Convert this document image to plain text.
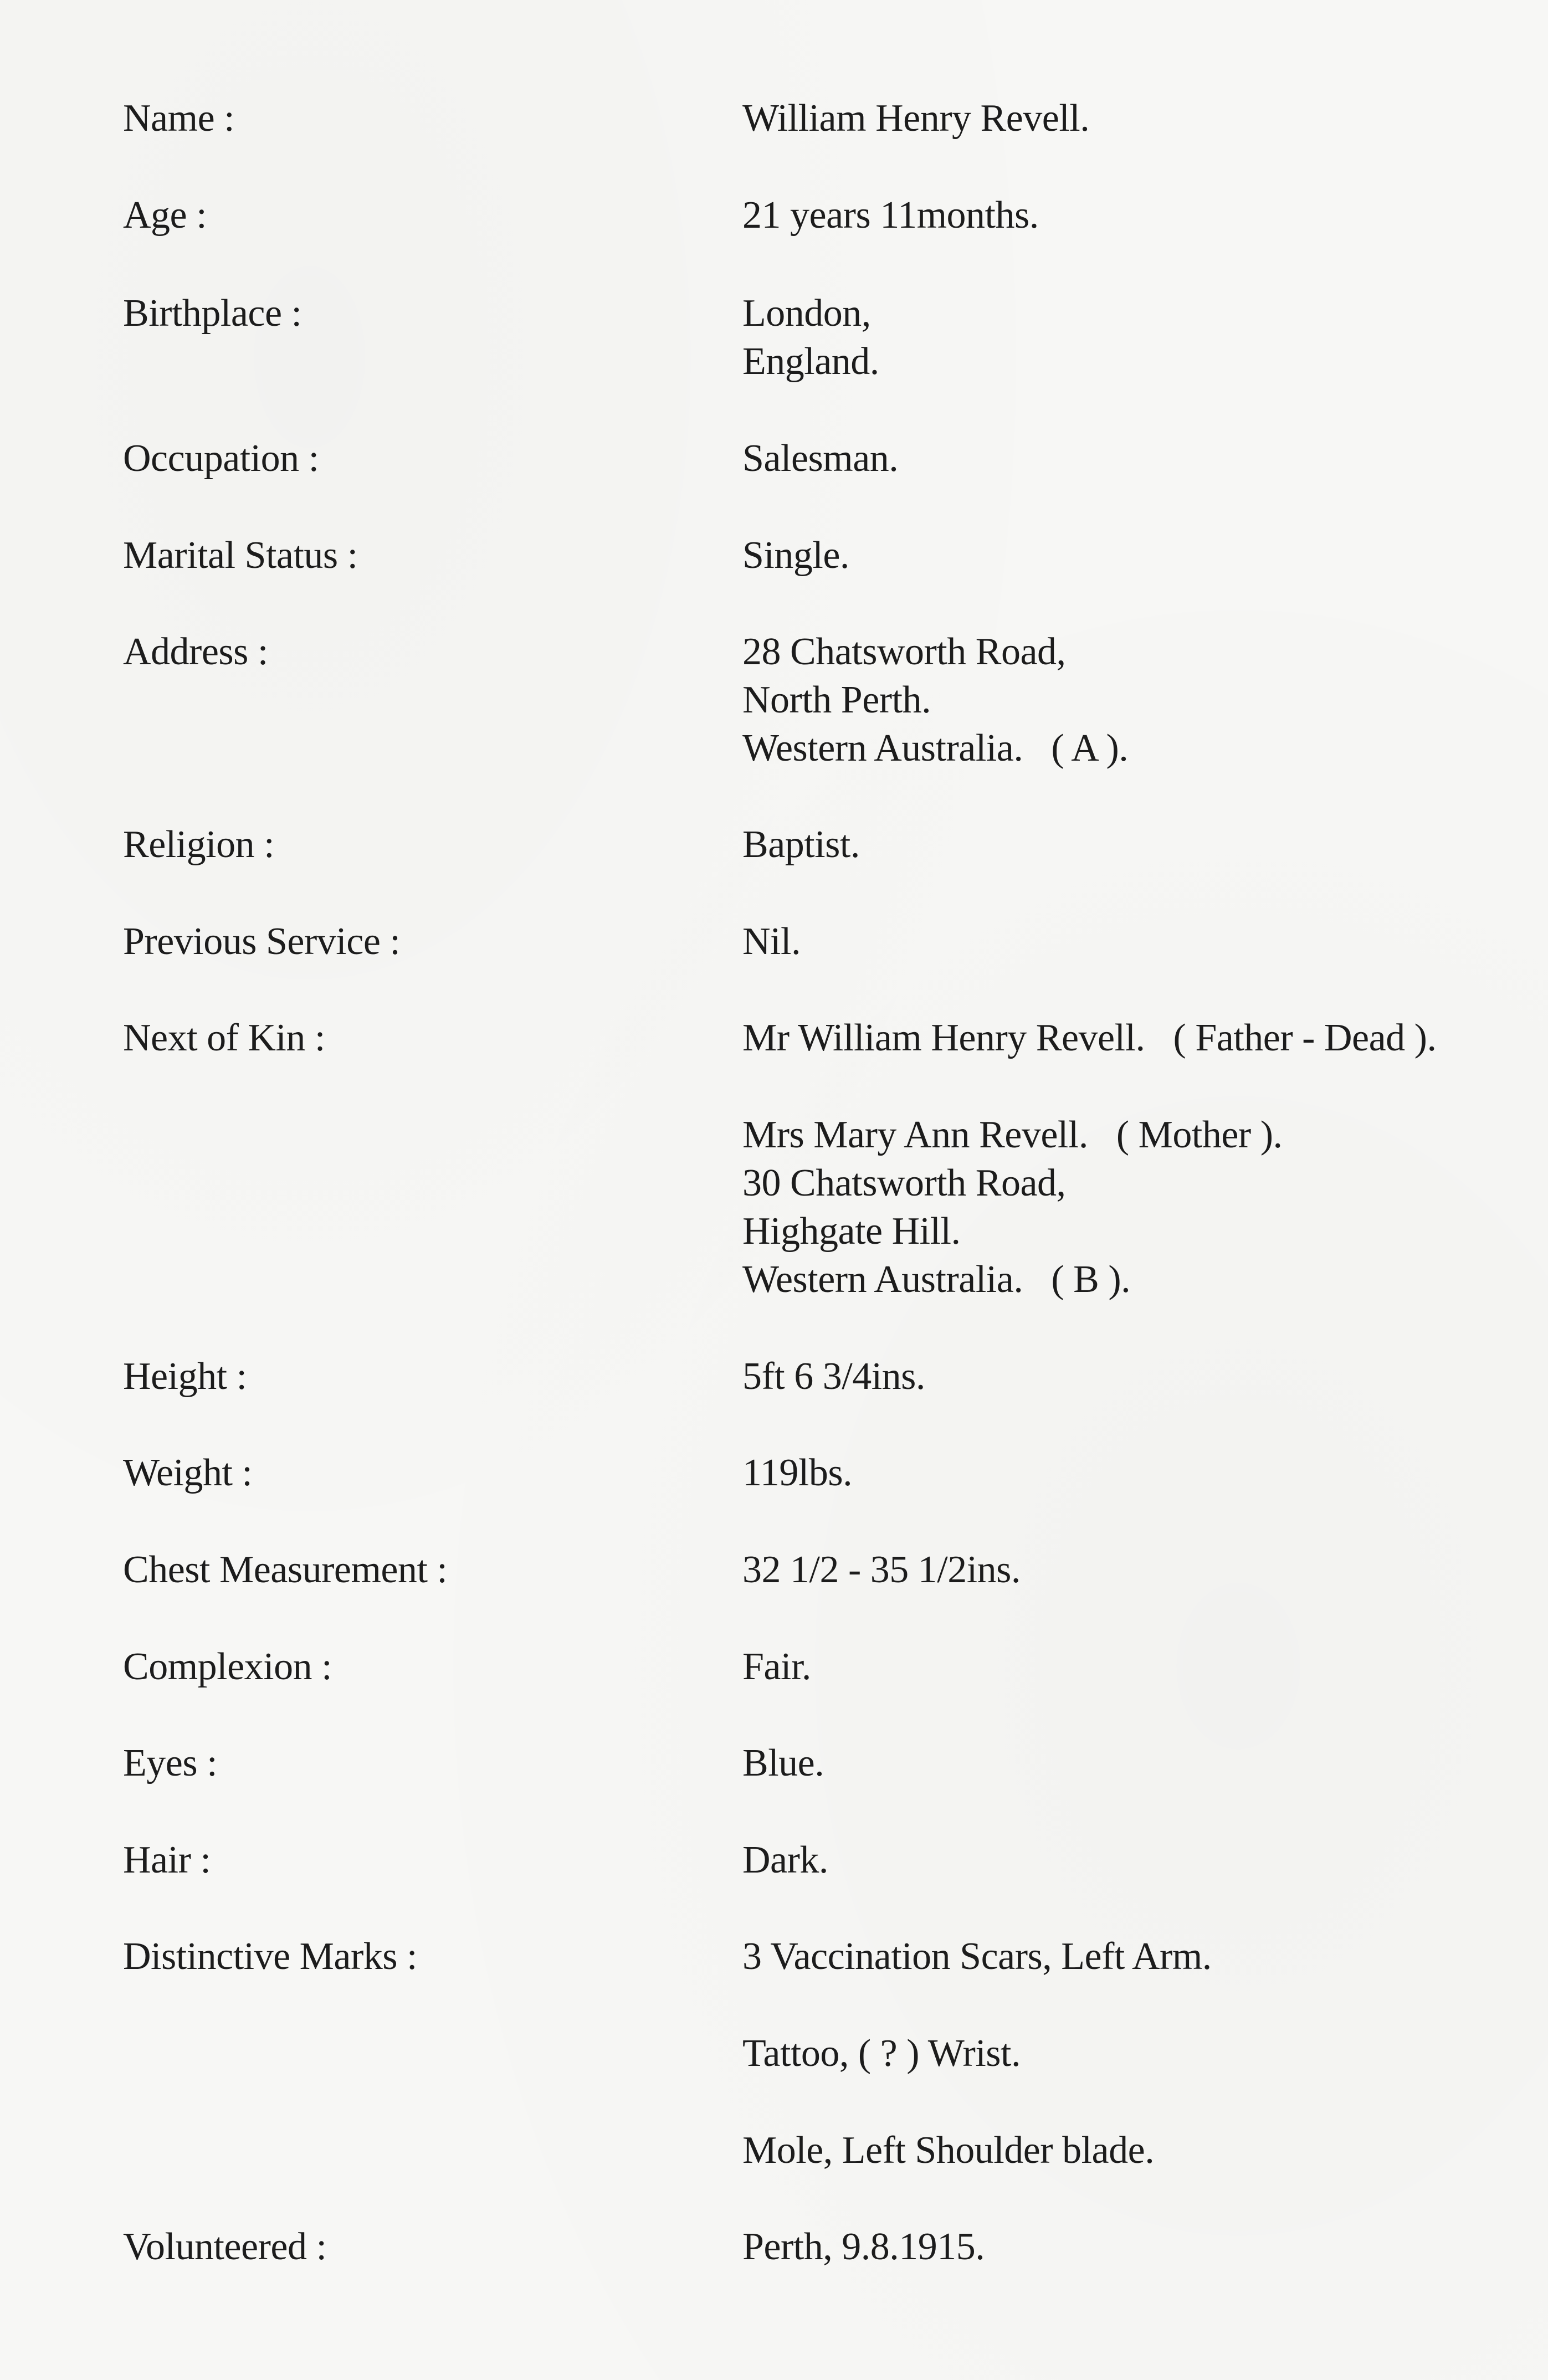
Name :	William Henry Revell.
Age :	21 years 11months.
Birthplace :	London,
England.
Occupation :	Salesman.
Marital Status :	Single.
Address :	28 Chatsworth Road,
North Perth.
Western Australia.   ( A ).
Religion :	Baptist.
Previous Service :	Nil.
Next of Kin :	Mr William Henry Revell.   ( Father - Dead ).
Mrs Mary Ann Revell.   ( Mother ).
30 Chatsworth Road,
Highgate Hill.
Western Australia.   ( B ).
Height :	5ft 6 3/4ins.
Weight :	119lbs.
Chest Measurement :	32 1/2 - 35 1/2ins.
Complexion :	Fair.
Eyes :	Blue.
Hair :	Dark.
Distinctive Marks :	3 Vaccination Scars, Left Arm.
Tattoo, ( ? ) Wrist.
Mole, Left Shoulder blade.
Volunteered :	Perth, 9.8.1915.
